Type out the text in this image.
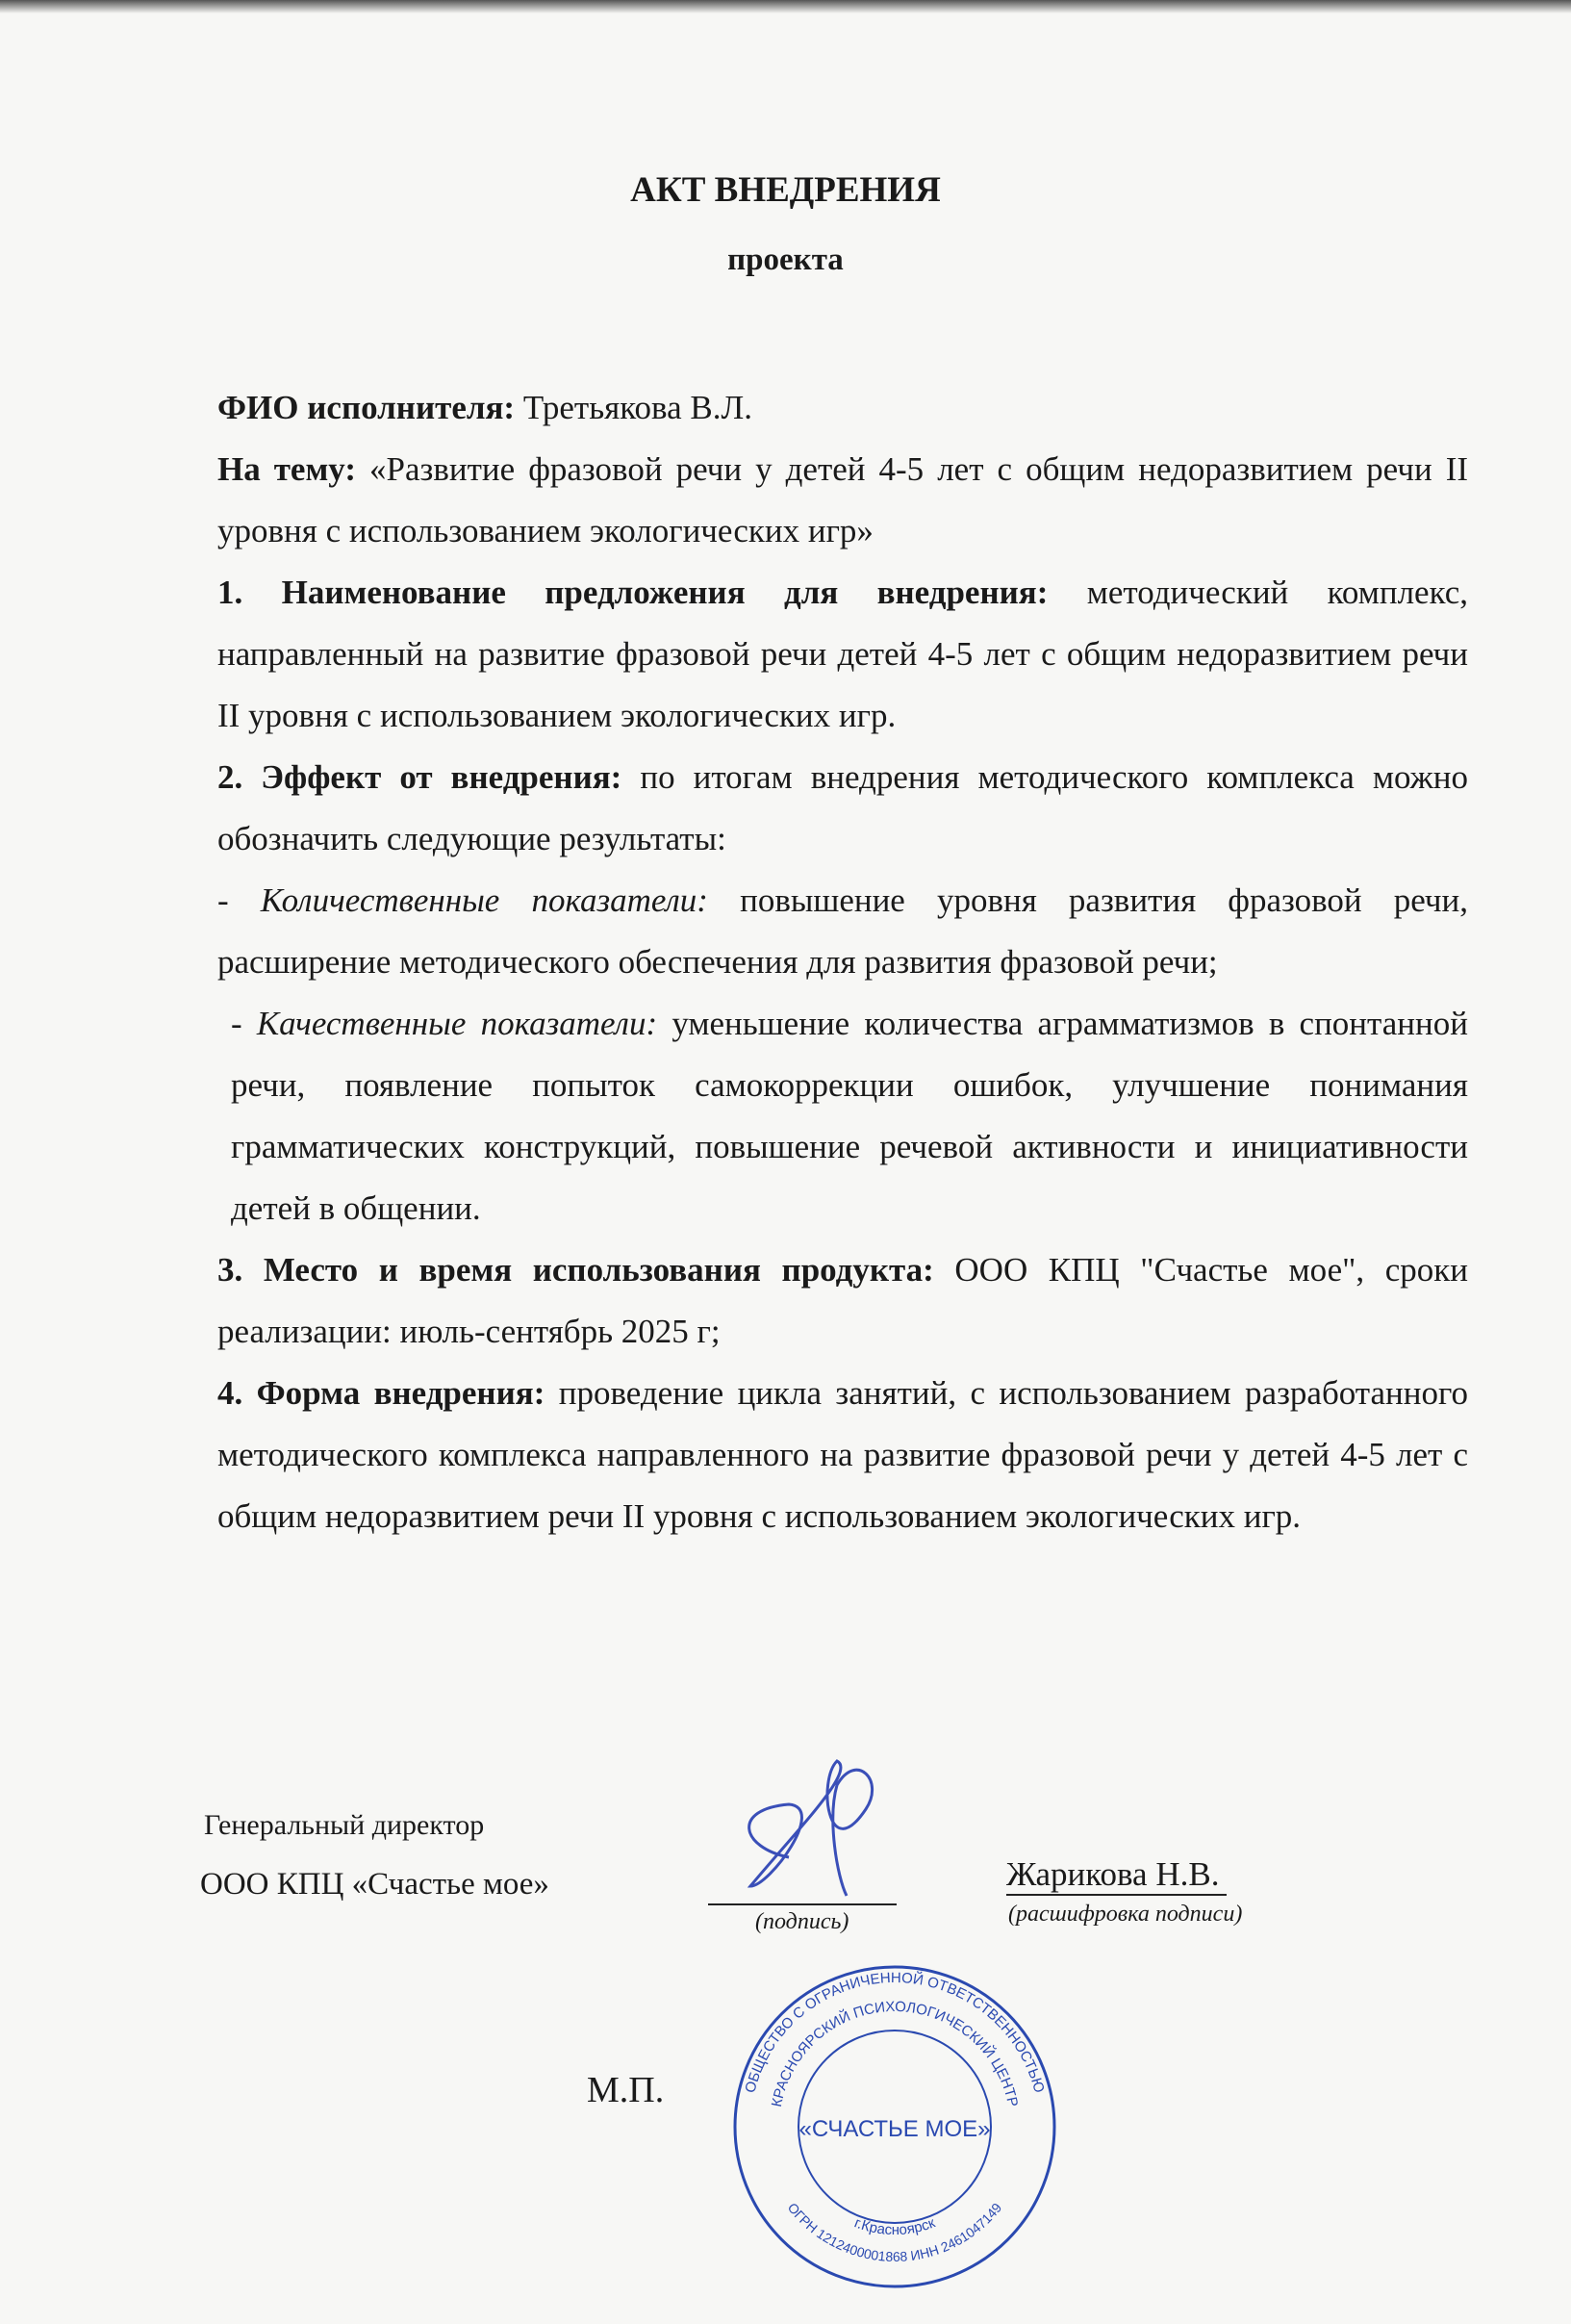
АКТ ВНЕДРЕНИЯ
проекта

ФИО исполнителя: Третьякова В.Л.

На тему: «Развитие фразовой речи у детей 4-5 лет с общим недоразвитием речи II уровня с использованием экологических игр»

1. Наименование предложения для внедрения: методический комплекс, направленный на развитие фразовой речи детей 4-5 лет с общим недоразвитием речи II уровня с использованием экологических игр.

2. Эффект от внедрения: по итогам внедрения методического комплекса можно обозначить следующие результаты:

- Количественные показатели: повышение уровня развития фразовой речи, расширение методического обеспечения для развития фразовой речи;

- Качественные показатели: уменьшение количества аграмматизмов в спонтанной речи, появление попыток самокоррекции ошибок, улучшение понимания грамматических конструкций, повышение речевой активности и инициативности детей в общении.

3. Место и время использования продукта: ООО КПЦ "Счастье мое", сроки реализации: июль-сентябрь 2025 г;

4. Форма внедрения: проведение цикла занятий, с использованием разработанного методического комплекса направленного на развитие фразовой речи у детей 4-5 лет с общим недоразвитием речи II уровня с использованием экологических игр.

Генеральный директор
ООО КПЦ «Счастье мое»
(подпись)
Жарикова Н.В.
(расшифровка подписи)
ОБЩЕСТВО С ОГРАНИЧЕННОЙ ОТВЕТСТВЕННОСТЬЮ
КРАСНОЯРСКИЙ ПСИХОЛОГИЧЕСКИЙ ЦЕНТР
ОГРН 1212400001868 ИНН 2461047149
г.Красноярск
«СЧАСТЬЕ МОЕ»
М.П.
